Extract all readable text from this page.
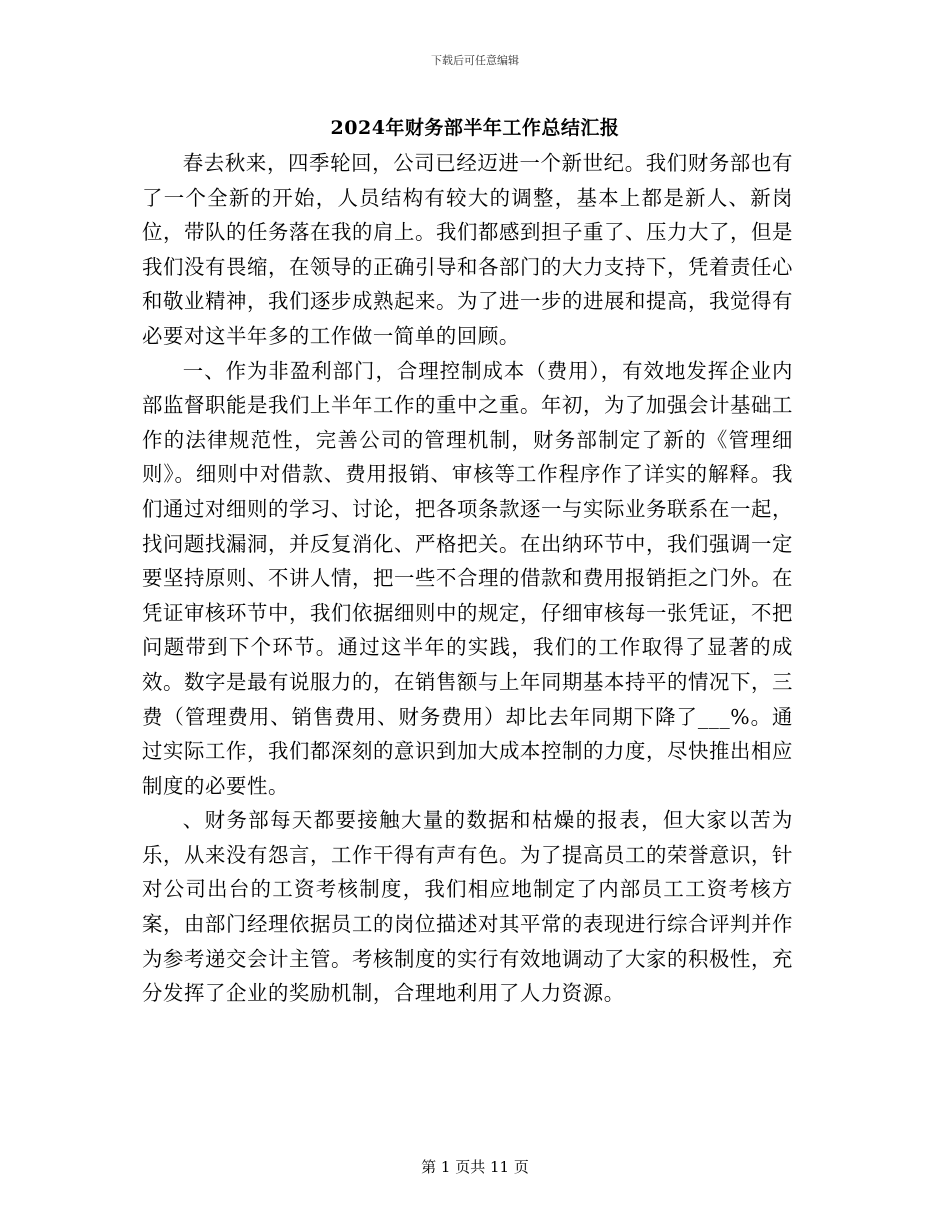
下载后可任意编辑
2024年财务部半年工作总结汇报

春去秋来，四季轮回，公司已经迈进一个新世纪。我们财务部也有了一个全新的开始，人员结构有较大的调整，基本上都是新人、新岗位，带队的任务落在我的肩上。我们都感到担子重了、压力大了，但是我们没有畏缩，在领导的正确引导和各部门的大力支持下，凭着责任心和敬业精神，我们逐步成熟起来。为了进一步的进展和提高，我觉得有必要对这半年多的工作做一简单的回顾。

一、作为非盈利部门，合理控制成本（费用），有效地发挥企业内部监督职能是我们上半年工作的重中之重。年初，为了加强会计基础工作的法律规范性，完善公司的管理机制，财务部制定了新的《管理细则》。细则中对借款、费用报销、审核等工作程序作了详实的解释。我们通过对细则的学习、讨论，把各项条款逐一与实际业务联系在一起，找问题找漏洞，并反复消化、严格把关。在出纳环节中，我们强调一定要坚持原则、不讲人情，把一些不合理的借款和费用报销拒之门外。在凭证审核环节中，我们依据细则中的规定，仔细审核每一张凭证，不把问题带到下个环节。通过这半年的实践，我们的工作取得了显著的成效。数字是最有说服力的，在销售额与上年同期基本持平的情况下，三费（管理费用、销售费用、财务费用）却比去年同期下降了___%。通过实际工作，我们都深刻的意识到加大成本控制的力度，尽快推出相应制度的必要性。

、财务部每天都要接触大量的数据和枯燥的报表，但大家以苦为乐，从来没有怨言，工作干得有声有色。为了提高员工的荣誉意识，针对公司出台的工资考核制度，我们相应地制定了内部员工工资考核方案，由部门经理依据员工的岗位描述对其平常的表现进行综合评判并作为参考递交会计主管。考核制度的实行有效地调动了大家的积极性，充分发挥了企业的奖励机制，合理地利用了人力资源。

第 1 页共 11 页
